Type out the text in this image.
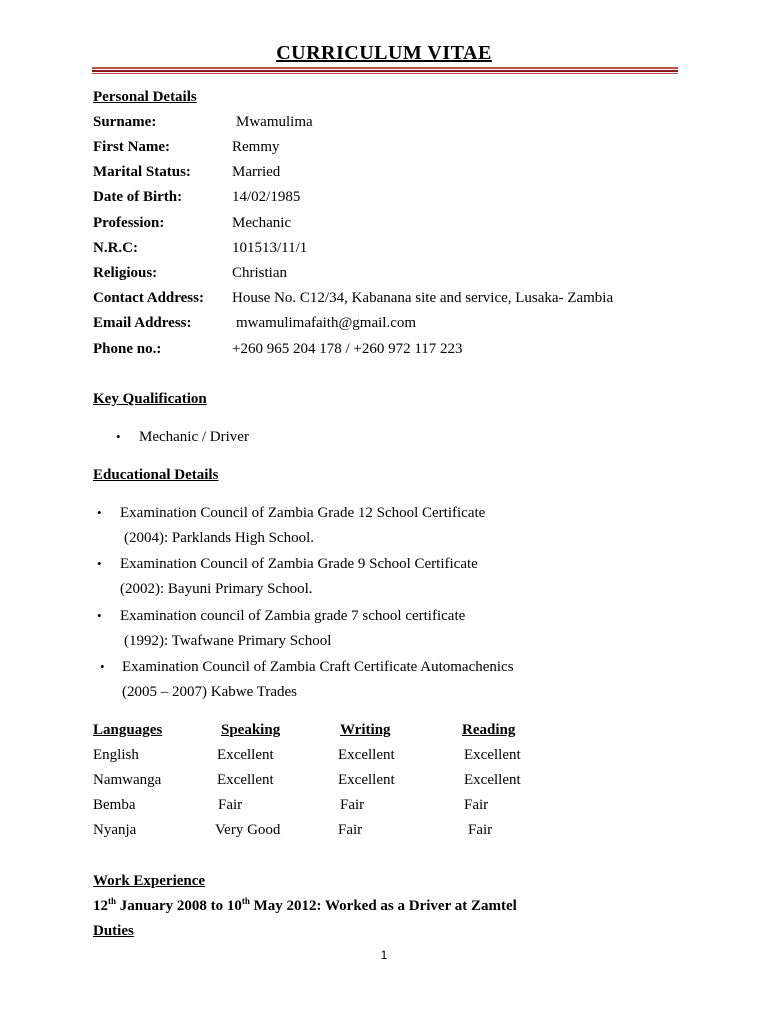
CURRICULUM VITAE
Personal Details
Surname:	Mwamulima
First Name:	Remmy
Marital Status:	Married
Date of Birth:	14/02/1985
Profession:	Mechanic
N.R.C:	101513/11/1
Religious:	Christian
Contact Address: House No. C12/34, Kabanana site and service, Lusaka- Zambia
Email Address:	mwamulimafaith@gmail.com
Phone no.:	+260 965 204 178 / +260 972 117 223
Key Qualification
• Mechanic / Driver
Educational Details
• Examination Council of Zambia Grade 12 School Certificate
(2004): Parklands High School.
• Examination Council of Zambia Grade 9 School Certificate
(2002): Bayuni Primary School.
• Examination council of Zambia grade 7 school certificate
(1992): Twafwane Primary School
• Examination Council of Zambia Craft Certificate Automachenics
(2005 – 2007) Kabwe Trades
Languages	Speaking	Writing	Reading
English	Excellent	Excellent	Excellent
Namwanga	Excellent	Excellent	Excellent
Bemba	Fair	Fair	Fair
Nyanja	Very Good	Fair	Fair
Work Experience
12th January 2008 to 10th May 2012: Worked as a Driver at Zamtel
Duties
1
